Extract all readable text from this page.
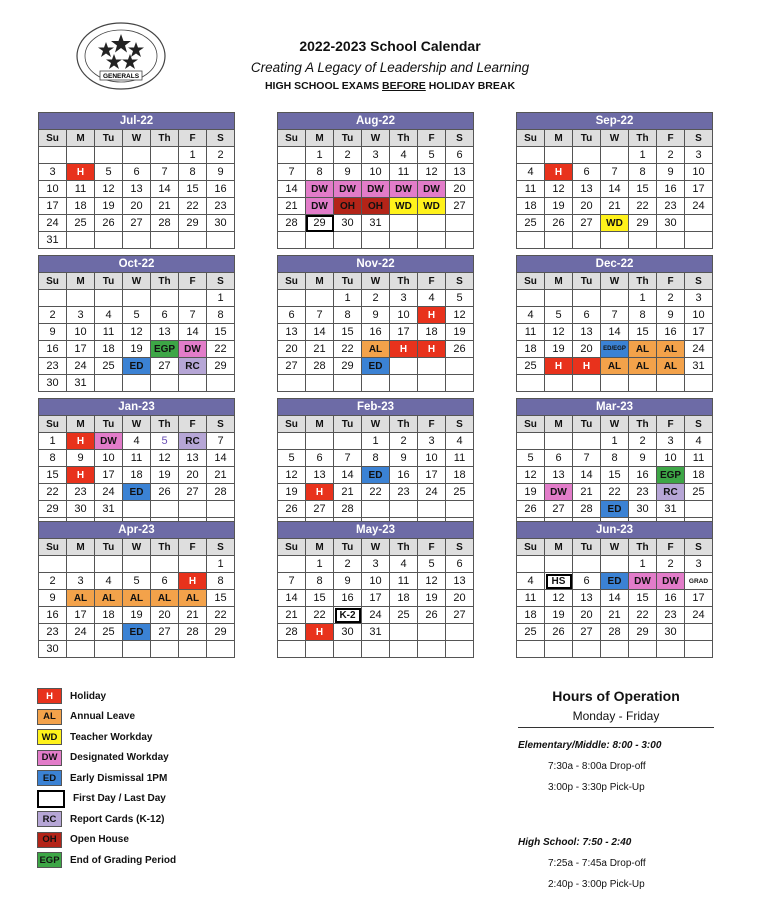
GENERALS
2022-2023 School Calendar
Creating A Legacy of Leadership and Learning
HIGH SCHOOL EXAMS BEFORE HOLIDAY BREAK
Jul-22						
Su	M	Tu	W	Th	F	S
					1	2
3	H	5	6	7	8	9
10	11	12	13	14	15	16
17	18	19	20	21	22	23
24	25	26	27	28	29	30
31						
Aug-22						
Su	M	Tu	W	Th	F	S
	1	2	3	4	5	6
7	8	9	10	11	12	13
14	DW	DW	DW	DW	DW	20
21	DW	OH	OH	WD	WD	27
28	29	30	31			

Sep-22						
Su	M	Tu	W	Th	F	S
				1	2	3
4	H	6	7	8	9	10
11	12	13	14	15	16	17
18	19	20	21	22	23	24
25	26	27	WD	29	30	

Oct-22						
Su	M	Tu	W	Th	F	S
						1
2	3	4	5	6	7	8
9	10	11	12	13	14	15
16	17	18	19	EGP	DW	22
23	24	25	ED	27	RC	29
30	31					
Nov-22						
Su	M	Tu	W	Th	F	S
		1	2	3	4	5
6	7	8	9	10	H	12
13	14	15	16	17	18	19
20	21	22	AL	H	H	26
27	28	29	ED			

Dec-22						
Su	M	Tu	W	Th	F	S
				1	2	3
4	5	6	7	8	9	10
11	12	13	14	15	16	17
18	19	20	ED/EGP	AL	AL	24
25	H	H	AL	AL	AL	31

Jan-23						
Su	M	Tu	W	Th	F	S
1	H	DW	4	5	RC	7
8	9	10	11	12	13	14
15	H	17	18	19	20	21
22	23	24	ED	26	27	28
29	30	31				

Feb-23						
Su	M	Tu	W	Th	F	S
			1	2	3	4
5	6	7	8	9	10	11
12	13	14	ED	16	17	18
19	H	21	22	23	24	25
26	27	28				

Mar-23						
Su	M	Tu	W	Th	F	S
			1	2	3	4
5	6	7	8	9	10	11
12	13	14	15	16	EGP	18
19	DW	21	22	23	RC	25
26	27	28	ED	30	31	

Apr-23						
Su	M	Tu	W	Th	F	S
						1
2	3	4	5	6	H	8
9	AL	AL	AL	AL	AL	15
16	17	18	19	20	21	22
23	24	25	ED	27	28	29
30						
May-23						
Su	M	Tu	W	Th	F	S
	1	2	3	4	5	6
7	8	9	10	11	12	13
14	15	16	17	18	19	20
21	22	K-2	24	25	26	27
28	H	30	31			

Jun-23						
Su	M	Tu	W	Th	F	S
				1	2	3
4	HS	6	ED	DW	DW	GRAD
11	12	13	14	15	16	17
18	19	20	21	22	23	24
25	26	27	28	29	30	

H	Holiday
AL	Annual Leave
WD	Teacher Workday
DW	Designated Workday
ED	Early Dismissal 1PM
First Day / Last Day
RC	Report Cards (K-12)
OH	Open House
EGP End of Grading Period
Hours of Operation
Monday - Friday
Elementary/Middle: 8:00 - 3:00
7:30a - 8:00a Drop-off
3:00p - 3:30p Pick-Up
High School: 7:50 - 2:40
7:25a - 7:45a Drop-off
2:40p - 3:00p Pick-Up
